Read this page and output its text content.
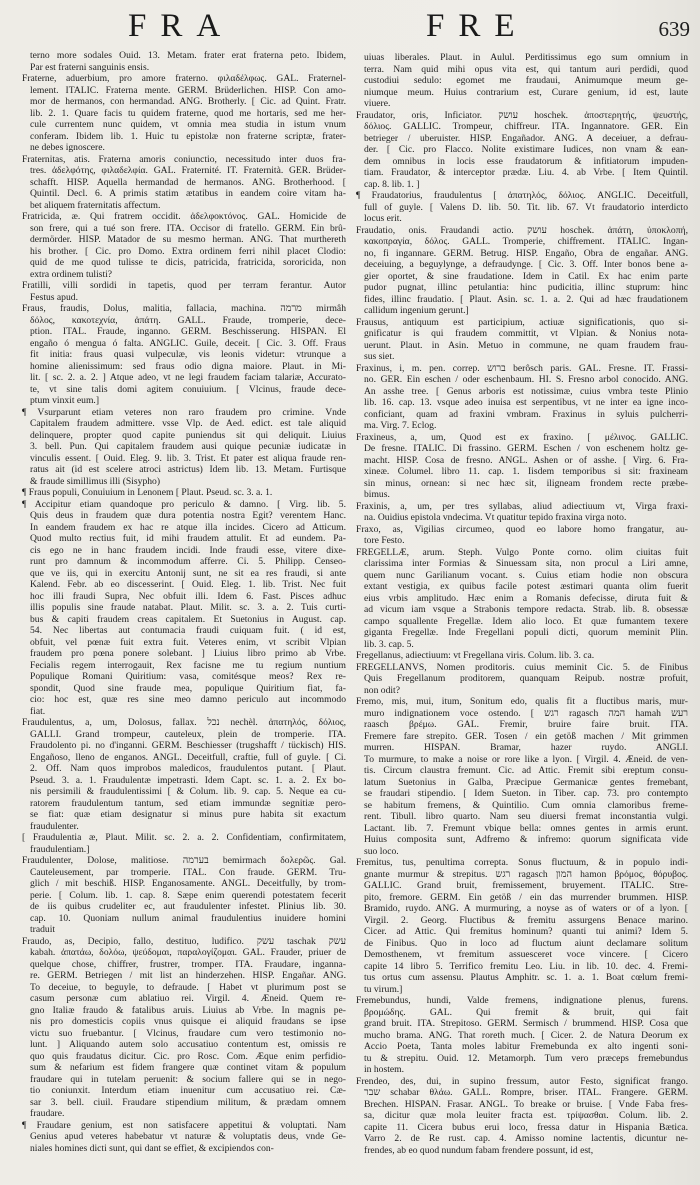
FRA	FRE	639
terno more sodales Ouid. 13. Metam. frater erat fraterna peto. Ibidem,
Par est fraterni sanguinis ensis.
Fraterne, aduerbium, pro amore fraterno. φιλαδέλφως. GAL. Fraternel-
lement. ITALIC. Fraterna mente. GERM. Brüderlichen. HISP. Con amo-
mor de hermanos, con hermandad. ANG. Brotherly. [ Cic. ad Quint. Fratr.
lib. 2. 1. Quare facis tu quidem fraterne, quod me hortaris, sed me her-
cule currentem nunc quidem, vt omnia mea studia in istum vnum
conferam. Ibidem lib. 1. Huic tu epistolæ non fraterne scriptæ, frater-
ne debes ignoscere.
Fraternitas, atis. Fraterna amoris coniunctio, necessitudo inter duos fra-
tres. ἀδελφότης, φιλαδελφία. GAL. Fraternité. IT. Fraternità. GER. Brüder-
schafft. HISP. Aquella hermandad de hermanos. ANG. Brotherhood. [
Quintil. Decl. 6. A primis statim ætatibus in eandem coire vitam ha-
bet aliquem fraternitatis affectum.
Fratricida, æ. Qui fratrem occidit. ἀδελφοκτόνος. GAL. Homicide de
son frere, qui a tué son frere. ITA. Occisor di fratello. GERM. Ein brû-
dermörder. HISP. Matador de su mesmo herman. ANG. That murthereth
his brother. [ Cic. pro Domo. Extra ordinem ferri nihil placet Clodio:
quid de me quod tulisse te dicis, patricida, fratricida, sororicida, non
extra ordinem tulisti?
Fratilli, villi sordidi in tapetis, quod per terram ferantur. Autor
Festus apud.
Fraus, fraudis, Dolus, malitia, fallacia, machina. מרמה mirmâh
δόλος, κακοτεχνία, ἀπάτη. GALL. Fraude, tromperie, dece-
ption. ITAL. Fraude, inganno. GERM. Beschisserung. HISPAN. El
engaño ó mengua ó falta. ANGLIC. Guile, deceit. [ Cic. 3. Off. Fraus
fit initia: fraus quasi vulpeculæ, vis leonis videtur: vtrunque a
homine alienissimum: sed fraus odio digna maiore. Plaut. in Mi-
lit. [ sc. 2. a. 2. ] Atque adeo, vt ne legi fraudem faciam talariæ, Accurato-
te, vt sine talis domi agitem conuiuium. [ Vlcinus, fraude dece-
ptum vinxit eum.]
¶ Vsurparunt etiam veteres non raro fraudem pro crimine. Vnde
Capitalem fraudem admittere. vsse Vlp. de Aed. edict. est tale aliquid
delinquere, propter quod capite puniendus sit qui deliquit. Liuius
3. bell. Pun. Qui capitalem fraudem ausi quique pecuniæ iudicatæ in
vinculis essent. [ Ouid. Eleg. 9. lib. 3. Trist. Et pater est aliqua fraude ren-
ratus ait (id est scelere atroci astrictus) Idem lib. 13. Metam. Furtisque
& fraude simillimus illi (Sisypho)
¶ Fraus populi, Conuiuium in Lenonem [ Plaut. Pseud. sc. 3. a. 1.
¶ Accipitur etiam quandoque pro periculo & damno. [ Virg. lib. 5.
Quis deus in fraudem quæ dura potentia nostra Egit? verentem Hanc.
In eandem fraudem ex hac re atque illa incides. Cicero ad Atticum.
Quod multo rectius fuit, id mihi fraudem attulit. Et ad eundem. Pa-
cis ego ne in hanc fraudem incidi. Inde fraudi esse, vitere dixe-
runt pro damnum & incommodum afferre. Ci. 5. Philipp. Censeo-
que ve iis, qui in exercitu Antonij sunt, ne sit ea res fraudi, si ante
Kalend. Febr. ab eo discesserint. [ Ouid. Eleg. 1. lib. Trist. Nec fuit
hoc illi fraudi Supra, Nec obfuit illi. Idem 6. Fast. Pisces adhuc
illis populis sine fraude natabat. Plaut. Milit. sc. 3. a. 2. Tuis curti-
bus & capiti fraudem creas capitalem. Et Suetonius in August. cap.
54. Nec libertas aut contumacia fraudi cuiquam fuit. ( id est,
obfuit, vel pœnæ fuit extra fuit. Veteres enim, vt scribit Vlpian
fraudem pro pœna ponere solebant. ] Liuius libro primo ab Vrbe.
Fecialis regem interrogauit, Rex facisne me tu regium nuntium
Populique Romani Quiritium: vasa, comitésque meos? Rex re-
spondit, Quod sine fraude mea, populique Quiritium fiat, fa-
cio: hoc est, quæ res sine meo damno periculo aut incommodo
fiat.
Fraudulentus, a, um, Dolosus, fallax. נכל nechèl. ἀπατηλός, δόλιος,
GALLI. Grand trompeur, cauteleux, plein de tromperie. ITA.
Fraudolento pi. no d'inganni. GERM. Beschiesser (trugshafft / tückisch) HIS.
Engañoso, lleno de enganos. ANGL. Deceitfull, craftie, full of guyle. [ Ci.
2. Off. Nam quos improbos maledicos, fraudulentos putant. [ Plaut.
Pseud. 3. a. 1. Fraudulentæ impetrasti. Idem Capt. sc. 1. a. 2. Ex bo-
nis persimili & fraudulentissimi [ & Colum. lib. 9. cap. 5. Neque ea cu-
ratorem fraudulentum tantum, sed etiam immundæ segnitiæ pero-
se fiat: quæ etiam designatur si minus pure habita sit exactum
fraudulenter.
[ Fraudulentia æ, Plaut. Milit. sc. 2. a. 2. Confidentiam, confirmitatem,
fraudulentiam.]
Fraudulenter, Dolose, malitiose. בערמה bemirmach δολερῶς. Gal.
Cauteleusement, par tromperie. ITAL. Con fraude. GERM. Tru-
glich / mit beschiß. HISP. Enganosamente. ANGL. Deceitfully, by trom-
perie. [ Colum. lib. 1. cap. 8. Sæpe enim querendi potestatem fecerit
de iis quibus crudeliter ec, aut fraudulenter infestet. Plinius lib. 30.
cap. 10. Quoniam nullum animal fraudulentius inuidere homini
traduit
Fraudo, as, Decipio, fallo, destituo, ludifico. עשק taschak עשק
kabah. ἀπατάω, δολόω, ψεύδομαι, παραλογίζομαι. GAL. Frauder, priuer de
quelque chose, chiffrer, frustrer, tromper. ITA. Fraudare, inganna-
re. GERM. Betriegen / mit list an hinderzehen. HISP. Engañar. ANG.
To deceiue, to beguyle, to defraude. [ Habet vt plurimum post se
casum personæ cum ablatiuo rei. Virgil. 4. Æneid. Quem re-
gno Italiæ fraudo & fatalibus aruis. Liuius ab Vrbe. In magnis pe-
nis pro domesticis copiis vnus quisque ei aliquid fraudans se ipse
victu suo fruebantur. [ Vlcinus, fraudare cum vero testimonio no-
lunt. ] Aliquando autem solo accusatiuo contentum est, omissis re
quo quis fraudatus dicitur. Cic. pro Rosc. Com. Æque enim perfidio-
sum & nefarium est fidem frangere quæ continet vitam & populum
fraudare qui in tutelam peruenit: & socium fallere qui se in nego-
tio coniunxit. Interdum etiam inuenitur cum accusatiuo rei. Cæ-
sar 3. bell. ciuil. Fraudare stipendium militum, & prædam omnem
fraudare.
¶ Fraudare genium, est non satisfacere appetitui & voluptati. Nam
Genius apud veteres habebatur vt naturæ & voluptatis deus, vnde Ge-
niales homines dicti sunt, qui dant se effiet, & excipiendos con-
uiuas liberales. Plaut. in Aulul. Perditissimus ego sum omnium in
terra. Nam quid mihi opus vita est, qui tantum auri perdidi, quod
custodiui sedulo: egomet me fraudaui, Animumque meum ge-
niumque meum. Huius contrarium est, Curare genium, id est, laute
viuere.
Fraudator, oris, Inficiator. עושק hoschek. ἀποστερητής, ψευστής,
δόλιος. GALLIC. Trompeur, chiffreur. ITA. Ingannatore. GER. Ein
betrieger / uberuister. HISP. Engañador. ANG. A deceiuer, a defrau-
der. [ Cic. pro Flacco. Nolite existimare Iudices, non vnam & ean-
dem omnibus in locis esse fraudatorum & infitiatorum impuden-
tiam. Fraudator, & interceptor prædæ. Liu. 4. ab Vrbe. [ Item Quintil.
cap. 8. lib. 1. ]
¶ Fraudatorius, fraudulentus [ ἀπατηλός, δόλιος. ANGLIC. Deceitfull,
full of guyle. [ Valens D. lib. 50. Tit. lib. 67. Vt fraudatorio interdicto
locus erit.
Fraudatio, onis. Fraudandi actio. עושק hoschek. ἀπάτη, ὑποκλοπή,
κακοπραγία, δόλος. GALL. Tromperie, chiffrement. ITALIC. Ingan-
no, fi ingannare. GERM. Betrug. HISP. Engaño, Obra de engañar. ANG.
deceiuing, a beguylynge, a defraudynge. [ Cic. 3. Off. Inter bonos bene a-
gier oportet, & sine fraudatione. Idem in Catil. Ex hac enim parte
pudor pugnat, illinc petulantia: hinc pudicitia, illinc stuprum: hinc
fides, illinc fraudatio. [ Plaut. Asin. sc. 1. a. 2. Qui ad hæc fraudationem
callidum ingenium gerunt.]
Frausus, antiquum est participium, actiuæ significationis, quo si-
gnificatur is qui fraudem committit, vt Vlpian. & Nonius nota-
uerunt. Plaut. in Asin. Metuo in commune, ne quam fraudem frau-
sus siet.
Fraxinus, i, m. pen. correp. ברוש berôsch paris. GAL. Fresne. IT. Frassi-
no. GER. Ein eschen / oder eschenbaum. HI. S. Fresno arbol conocido. ANG.
An asshe tree. [ Genus arboris est notissimæ, cuius vmbra teste Plinio
lib. 16. cap. 13. vsque adeo inuisa est serpentibus, vt ne inter ea igne inco-
conficiant, quam ad fraxini vmbram. Fraxinus in syluis pulcherri-
ma. Virg. 7. Eclog.
Fraxineus, a, um, Quod est ex fraxino. [ μέλινος. GALLIC.
De fresne. ITALIC. Di frassino. GERM. Eschen / von eschenem holtz ge-
macht. HISP. Cosa de fresno. ANGL. Ashen or of asshe. [ Virg. 6. Fra-
xineæ. Columel. libro 11. cap. 1. Iisdem temporibus si sit: fraxineam
sin minus, ornean: si nec hæc sit, iligneam frondem recte præbe-
bimus.
Fraxinis, a, um, per tres syllabas, aliud adiectiuum vt, Virga fraxi-
na. Ouidius epistola vndecima. Vt quatitur tepido fraxina virga noto.
Fraxo, as, Vigilias circumeo, quod eo labore homo frangatur, au-
tore Festo.
FREGELLÆ, arum. Steph. Vulgo Ponte corno. olim ciuitas fuit
clarissima inter Formias & Sinuessam sita, non procul a Liri amne,
quem nunc Garilianum vocant. s. Cuius etiam hodie non obscura
extant vestigia, ex quibus facile potest æstimari quanta olim fuerit
eius vrbis amplitudo. Hæc enim a Romanis defecisse, diruta fuit &
ad vicum iam vsque a Strabonis tempore redacta. Strab. lib. 8. obsessæ
campo squallente Fregellæ. Idem alio loco. Et quæ fumantem texere
giganta Fregellæ. Inde Fregellani populi dicti, quorum meminit Plin.
lib. 3. cap. 5.
Fregellanus, adiectiuum: vt Fregellana viris. Colum. lib. 3. ca.
FREGELLANVS, Nomen proditoris. cuius meminit Cic. 5. de Finibus
Quis Fregellanum proditorem, quanquam Reipub. nostræ profuit,
non odit?
Fremo, mis, mui, itum, Sonitum edo, qualis fit a fluctibus maris, mur-
muro indignationem voce ostendo. [ רגש ragasch המה hamah רעש
raasch βρέμω. GAL. Fremir, bruire faire bruit. ITA.
Fremere fare strepito. GER. Tosen / ein getöß machen / Mit grimmen
murren. HISPAN. Bramar, hazer ruydo. ANGLI.
To murmure, to make a noise or rore like a lyon. [ Virgil. 4. Æneid. de ven-
tis. Circum claustra fremunt. Cic. ad Attic. Fremit sibi ereptum consu-
latum Suetonius in Galba, Præcipue Germanicæ gentes fremebant,
se fraudari stipendio. [ Idem Sueton. in Tiber. cap. 73. pro contempto
se habitum fremens, & Quintilio. Cum omnia clamoribus freme-
rent. Tibull. libro quarto. Nam seu diuersi fremat inconstantia vulgi.
Lactant. lib. 7. Fremunt vbique bella: omnes gentes in armis erunt.
Huius composita sunt, Adfremo & infremo: quorum significata vide
suo loco.
Fremitus, tus, penultima correpta. Sonus fluctuum, & in populo indi-
gnante murmur & strepitus. רגש ragasch המון hamon βρόμος, θόρυβος.
GALLIC. Grand bruit, fremissement, bruyement. ITALIC. Stre-
pito, fremore. GERM. Ein getöß / ein das murrender brummen. HISP.
Bramido, ruydo. ANG. A murmuring, a noyse as of waters or of a lyon. [
Virgil. 2. Georg. Fluctibus & fremitu assurgens Benace marino.
Cicer. ad Attic. Qui fremitus hominum? quanti tui animi? Idem 5.
de Finibus. Quo in loco ad fluctum aiunt declamare solitum
Demosthenem, vt fremitum assuesceret voce vincere. [ Cicero
capite 14 libro 5. Terrifico fremitu Leo. Liu. in lib. 10. dec. 4. Fremi-
tus ortus cum assensu. Plautus Amphitr. sc. 1. a. 1. Boat cœlum fremi-
tu virum.]
Fremebundus, hundi, Valde fremens, indignatione plenus, furens.
βρομώδης. GAL. Qui fremit & bruit, qui fait
grand bruit. ITA. Strepitoso. GERM. Sermisch / brummend. HISP. Cosa que
mucho brama. ANG. That roreth much. [ Cicer. 2. de Natura Deorum ex
Accio Poeta, Tanta moles labitur Fremebunda ex alto ingenti soni-
tu & strepitu. Ouid. 12. Metamorph. Tum vero præceps fremebundus
in hostem.
Frendeo, des, dui, in supino fressum, autor Festo, significat frango.
שבר schabar θλάω. GALL. Rompre, briser. ITAL. Frangere. GERM.
Brechen. HISPAN. Frasar. ANGL. To breake or bruise. [ Vnde Faba fres-
sa, dicitur quæ mola leuiter fracta est. τρίψασθαι. Colum. lib. 2.
capite 11. Cicera bubus erui loco, fressa datur in Hispania Bætica.
Varro 2. de Re rust. cap. 4. Amisso nomine lactentis, dicuntur ne-
frendes, ab eo quod nundum fabam frendere possunt, id est,
